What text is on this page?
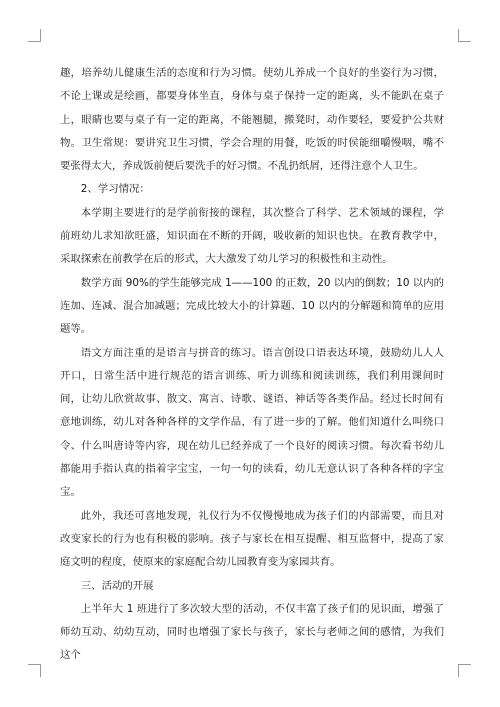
趣，培养幼儿健康生活的态度和行为习惯。使幼儿养成一个良好的坐姿行为习惯，不论上课或是绘画，都要身体坐直，身体与桌子保持一定的距离，头不能趴在桌子上，眼睛也要与桌子有一定的距离，不能翘腿，搬凳时，动作要轻，要爱护公共财物。卫生常规：要讲究卫生习惯，学会合理的用餐，吃饭的时侯能细嚼慢咽，嘴不要张得太大，养成饭前便后要洗手的好习惯。不乱扔纸屑，还得注意个人卫生。

2、学习情况：

本学期主要进行的是学前衔接的课程，其次整合了科学、艺术领域的课程，学前班幼儿求知欲旺盛，知识面在不断的开阔，吸收新的知识也快。在教育教学中，采取探索在前教学在后的形式，大大激发了幼儿学习的积极性和主动性。

数学方面 90%的学生能够完成 1——100 的正数，20 以内的倒数；10 以内的连加、连减、混合加减题；完成比较大小的计算题、10 以内的分解题和简单的应用题等。

语文方面注重的是语言与拼音的练习。语言创设口语表达环境，鼓励幼儿人人开口，日常生活中进行规范的语言训练、听力训练和阅读训练，我们利用课间时间，让幼儿欣赏故事、散文、寓言、诗歌、谜语、神话等各类作品。经过长时间有意地训练，幼儿对各种各样的文学作品，有了进一步的了解。他们知道什么叫绕口令、什么叫唐诗等内容，现在幼儿已经养成了一个良好的阅读习惯。每次看书幼儿都能用手指认真的指着字宝宝，一句一句的读看，幼儿无意认识了各种各样的字宝宝。

此外，我还可喜地发现，礼仪行为不仅慢慢地成为孩子们的内部需要，而且对改变家长的行为也有积极的影响。孩子与家长在相互提醒、相互监督中，提高了家庭文明的程度，使原来的家庭配合幼儿园教育变为家园共育。

三、活动的开展

上半年大 1 班进行了多次较大型的活动，不仅丰富了孩子们的见识面，增强了师幼互动、幼幼互动，同时也增强了家长与孩子，家长与老师之间的感情，为我们这个
